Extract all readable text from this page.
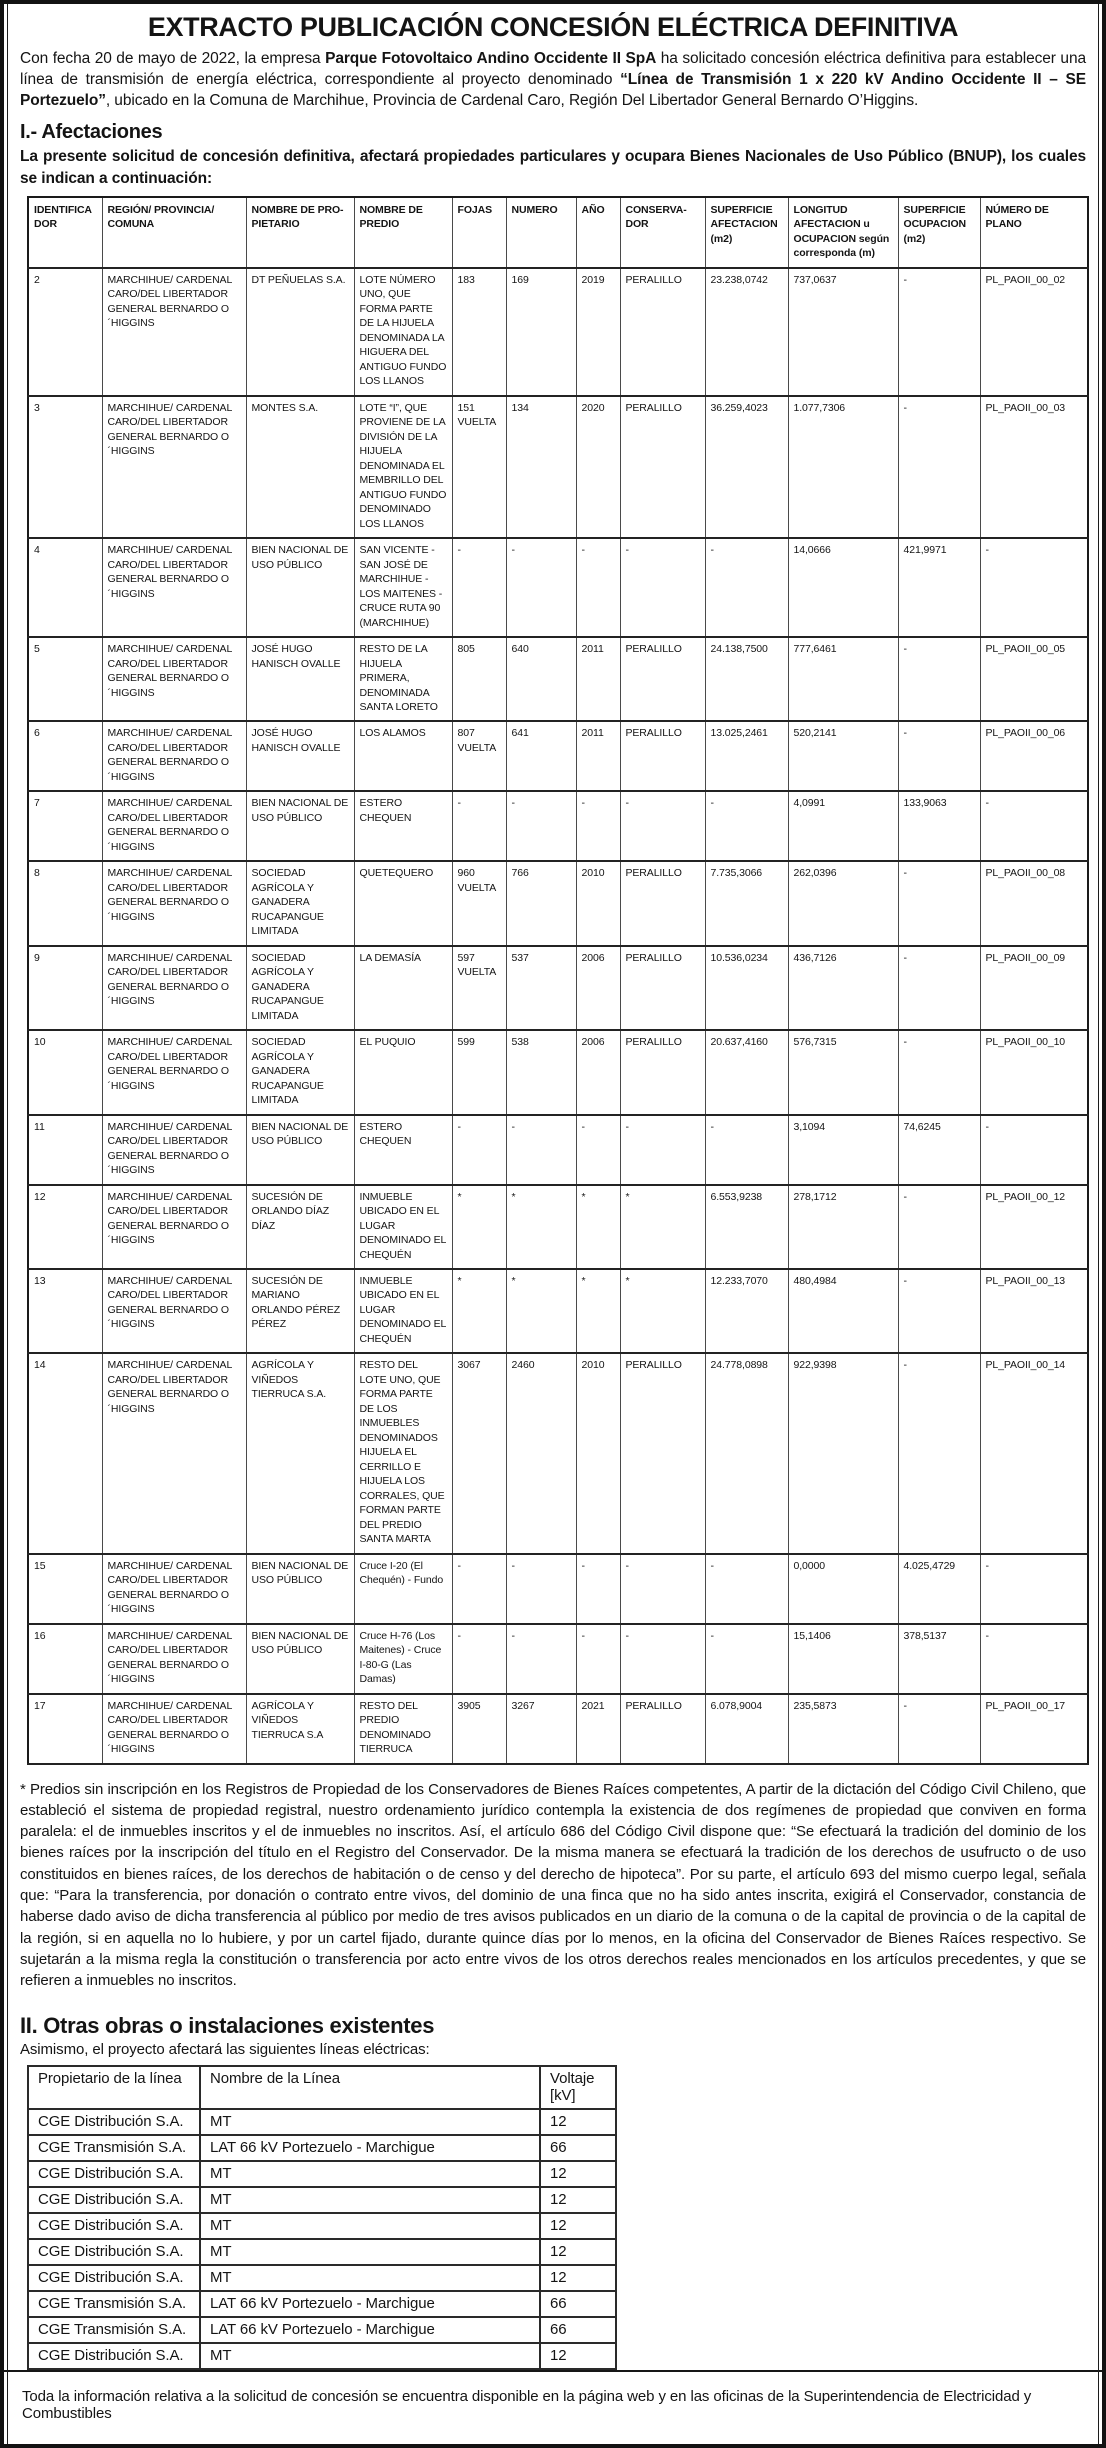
EXTRACTO PUBLICACIÓN CONCESIÓN ELÉCTRICA DEFINITIVA

Con fecha 20 de mayo de 2022, la empresa Parque Fotovoltaico Andino Occidente II SpA ha solicitado concesión eléctrica definitiva para establecer una línea de transmisión de energía eléctrica, correspondiente al proyecto denominado “Línea de Transmisión 1 x 220 kV Andino Occidente II – SE Portezuelo”, ubicado en la Comuna de Marchihue, Provincia de Cardenal Caro, Región Del Libertador General Bernardo O’Higgins.

I.- Afectaciones

La presente solicitud de concesión definitiva, afectará propiedades particulares y ocupara Bienes Nacionales de Uso Público (BNUP), los cuales se indican a continuación:

IDENTIFICADOR	REGIÓN/ PROVINCIA/ COMUNA	NOMBRE DE PRO-PIETARIO	NOMBRE DE PREDIO	FOJAS	NUMERO	AÑO	CONSERVA-DOR	SUPERFICIE AFECTACION (m2)	LONGITUD AFECTACION u OCUPACION según corresponda (m)	SUPERFICIE OCUPACION (m2)	NÚMERO DE PLANO
2	MARCHIHUE/ CARDENAL CARO/DEL LIBERTADOR GENERAL BERNARDO O´HIGGINS	DT PEÑUELAS S.A.	LOTE NÚMERO UNO, QUE FORMA PARTE DE LA HIJUELA DENOMINADA LA HIGUERA DEL ANTIGUO FUNDO LOS LLANOS	183	169	2019	PERALILLO	23.238,0742	737,0637	-	PL_PAOII_00_02
3	MARCHIHUE/ CARDENAL CARO/DEL LIBERTADOR GENERAL BERNARDO O´HIGGINS	MONTES S.A.	LOTE “I”, QUE PROVIENE DE LA DIVISIÓN DE LA HIJUELA DENOMINADA EL MEMBRILLO DEL ANTIGUO FUNDO DENOMINADO LOS LLANOS	151 VUELTA	134	2020	PERALILLO	36.259,4023	1.077,7306	-	PL_PAOII_00_03
4	MARCHIHUE/ CARDENAL CARO/DEL LIBERTADOR GENERAL BERNARDO O´HIGGINS	BIEN NACIONAL DE USO PÚBLICO	SAN VICENTE - SAN JOSÉ DE MARCHIHUE - LOS MAITENES - CRUCE RUTA 90 (MARCHIHUE)	-	-	-	-	-	14,0666	421,9971	-
5	MARCHIHUE/ CARDENAL CARO/DEL LIBERTADOR GENERAL BERNARDO O´HIGGINS	JOSÉ HUGO HANISCH OVALLE	RESTO DE LA HIJUELA PRIMERA, DENOMINADA SANTA LORETO	805	640	2011	PERALILLO	24.138,7500	777,6461	-	PL_PAOII_00_05
6	MARCHIHUE/ CARDENAL CARO/DEL LIBERTADOR GENERAL BERNARDO O´HIGGINS	JOSÉ HUGO HANISCH OVALLE	LOS ALAMOS	807 VUELTA	641	2011	PERALILLO	13.025,2461	520,2141	-	PL_PAOII_00_06
7	MARCHIHUE/ CARDENAL CARO/DEL LIBERTADOR GENERAL BERNARDO O´HIGGINS	BIEN NACIONAL DE USO PÚBLICO	ESTERO CHEQUEN	-	-	-	-	-	4,0991	133,9063	-
8	MARCHIHUE/ CARDENAL CARO/DEL LIBERTADOR GENERAL BERNARDO O´HIGGINS	SOCIEDAD AGRÍCOLA Y GANADERA RUCAPANGUE LIMITADA	QUETEQUERO	960 VUELTA	766	2010	PERALILLO	7.735,3066	262,0396	-	PL_PAOII_00_08
9	MARCHIHUE/ CARDENAL CARO/DEL LIBERTADOR GENERAL BERNARDO O´HIGGINS	SOCIEDAD AGRÍCOLA Y GANADERA RUCAPANGUE LIMITADA	LA DEMASÍA	597 VUELTA	537	2006	PERALILLO	10.536,0234	436,7126	-	PL_PAOII_00_09
10	MARCHIHUE/ CARDENAL CARO/DEL LIBERTADOR GENERAL BERNARDO O´HIGGINS	SOCIEDAD AGRÍCOLA Y GANADERA RUCAPANGUE LIMITADA	EL PUQUIO	599	538	2006	PERALILLO	20.637,4160	576,7315	-	PL_PAOII_00_10
11	MARCHIHUE/ CARDENAL CARO/DEL LIBERTADOR GENERAL BERNARDO O´HIGGINS	BIEN NACIONAL DE USO PÚBLICO	ESTERO CHEQUEN	-	-	-	-	-	3,1094	74,6245	-
12	MARCHIHUE/ CARDENAL CARO/DEL LIBERTADOR GENERAL BERNARDO O´HIGGINS	SUCESIÓN DE ORLANDO DÍAZ DÍAZ	INMUEBLE UBICADO EN EL LUGAR DENOMINADO EL CHEQUÉN	*	*	*	*	6.553,9238	278,1712	-	PL_PAOII_00_12
13	MARCHIHUE/ CARDENAL CARO/DEL LIBERTADOR GENERAL BERNARDO O´HIGGINS	SUCESIÓN DE MARIANO ORLANDO PÉREZ PÉREZ	INMUEBLE UBICADO EN EL LUGAR DENOMINADO EL CHEQUÉN	*	*	*	*	12.233,7070	480,4984	-	PL_PAOII_00_13
14	MARCHIHUE/ CARDENAL CARO/DEL LIBERTADOR GENERAL BERNARDO O´HIGGINS	AGRÍCOLA Y VIÑEDOS TIERRUCA S.A.	RESTO DEL LOTE UNO, QUE FORMA PARTE DE LOS INMUEBLES DENOMINADOS HIJUELA EL CERRILLO E HIJUELA LOS CORRALES, QUE FORMAN PARTE DEL PREDIO SANTA MARTA	3067	2460	2010	PERALILLO	24.778,0898	922,9398	-	PL_PAOII_00_14
15	MARCHIHUE/ CARDENAL CARO/DEL LIBERTADOR GENERAL BERNARDO O´HIGGINS	BIEN NACIONAL DE USO PÚBLICO	Cruce I-20 (El Chequén) - Fundo	-	-	-	-	-	0,0000	4.025,4729	-
16	MARCHIHUE/ CARDENAL CARO/DEL LIBERTADOR GENERAL BERNARDO O´HIGGINS	BIEN NACIONAL DE USO PÚBLICO	Cruce H-76 (Los Maitenes) - Cruce I-80-G (Las Damas)	-	-	-	-	-	15,1406	378,5137	-
17	MARCHIHUE/ CARDENAL CARO/DEL LIBERTADOR GENERAL BERNARDO O´HIGGINS	AGRÍCOLA Y VIÑEDOS TIERRUCA S.A	RESTO DEL PREDIO DENOMINADO TIERRUCA	3905	3267	2021	PERALILLO	6.078,9004	235,5873	-	PL_PAOII_00_17

* Predios sin inscripción en los Registros de Propiedad de los Conservadores de Bienes Raíces competentes, A partir de la dictación del Código Civil Chileno, que estableció el sistema de propiedad registral, nuestro ordenamiento jurídico contempla la existencia de dos regímenes de propiedad que conviven en forma paralela: el de inmuebles inscritos y el de inmuebles no inscritos. Así, el artículo 686 del Código Civil dispone que: “Se efectuará la tradición del dominio de los bienes raíces por la inscripción del título en el Registro del Conservador. De la misma manera se efectuará la tradición de los derechos de usufructo o de uso constituidos en bienes raíces, de los derechos de habitación o de censo y del derecho de hipoteca”. Por su parte, el artículo 693 del mismo cuerpo legal, señala que: “Para la transferencia, por donación o contrato entre vivos, del dominio de una finca que no ha sido antes inscrita, exigirá el Conservador, constancia de haberse dado aviso de dicha transferencia al público por medio de tres avisos publicados en un diario de la comuna o de la capital de provincia o de la capital de la región, si en aquella no lo hubiere, y por un cartel fijado, durante quince días por lo menos, en la oficina del Conservador de Bienes Raíces respectivo. Se sujetarán a la misma regla la constitución o transferencia por acto entre vivos de los otros derechos reales mencionados en los artículos precedentes, y que se refieren a inmuebles no inscritos.

II. Otras obras o instalaciones existentes

Asimismo, el proyecto afectará las siguientes líneas eléctricas:

Propietario de la línea	Nombre de la Línea	Voltaje [kV]
CGE Distribución S.A.	MT	12
CGE Transmisión S.A.	LAT 66 kV Portezuelo - Marchigue	66
CGE Distribución S.A.	MT	12
CGE Distribución S.A.	MT	12
CGE Distribución S.A.	MT	12
CGE Distribución S.A.	MT	12
CGE Distribución S.A.	MT	12
CGE Transmisión S.A.	LAT 66 kV Portezuelo - Marchigue	66
CGE Transmisión S.A.	LAT 66 kV Portezuelo - Marchigue	66
CGE Distribución S.A.	MT	12
Toda la información relativa a la solicitud de concesión se encuentra disponible en la página web y en las oficinas de la Superintendencia de Electricidad y Combustibles
